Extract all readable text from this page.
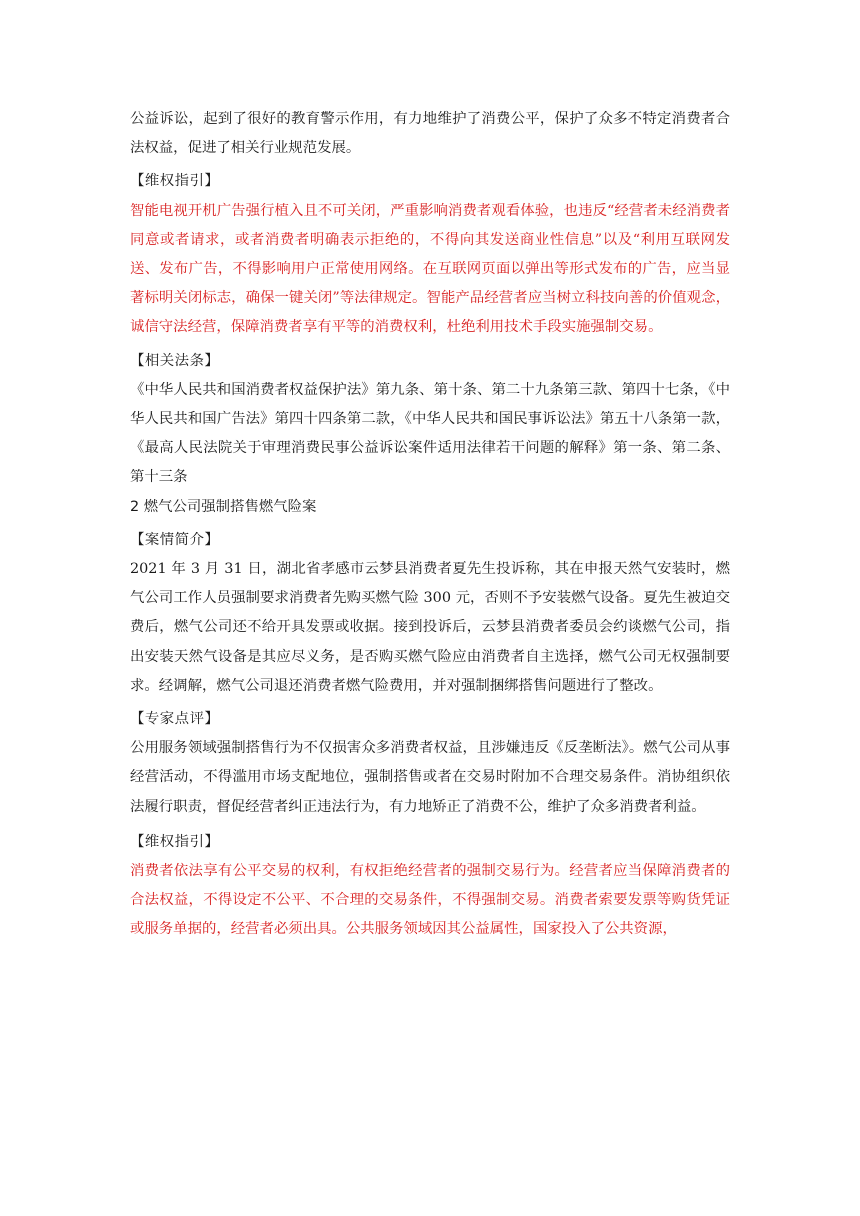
公益诉讼，起到了很好的教育警示作用，有力地维护了消费公平，保护了众多不特定消费者合法权益，促进了相关行业规范发展。

【维权指引】

智能电视开机广告强行植入且不可关闭，严重影响消费者观看体验，也违反“经营者未经消费者同意或者请求，或者消费者明确表示拒绝的，不得向其发送商业性信息”以及“利用互联网发送、发布广告，不得影响用户正常使用网络。在互联网页面以弹出等形式发布的广告，应当显著标明关闭标志，确保一键关闭”等法律规定。智能产品经营者应当树立科技向善的价值观念，诚信守法经营，保障消费者享有平等的消费权利，杜绝利用技术手段实施强制交易。

【相关法条】

《中华人民共和国消费者权益保护法》第九条、第十条、第二十九条第三款、第四十七条，《中华人民共和国广告法》第四十四条第二款，《中华人民共和国民事诉讼法》第五十八条第一款，《最高人民法院关于审理消费民事公益诉讼案件适用法律若干问题的解释》第一条、第二条、第十三条

2 燃气公司强制搭售燃气险案

【案情简介】

2021 年 3 月 31 日，湖北省孝感市云梦县消费者夏先生投诉称，其在申报天然气安装时，燃气公司工作人员强制要求消费者先购买燃气险 300 元，否则不予安装燃气设备。夏先生被迫交费后，燃气公司还不给开具发票或收据。接到投诉后，云梦县消费者委员会约谈燃气公司，指出安装天然气设备是其应尽义务，是否购买燃气险应由消费者自主选择，燃气公司无权强制要求。经调解，燃气公司退还消费者燃气险费用，并对强制捆绑搭售问题进行了整改。

【专家点评】

公用服务领域强制搭售行为不仅损害众多消费者权益，且涉嫌违反《反垄断法》。燃气公司从事经营活动，不得滥用市场支配地位，强制搭售或者在交易时附加不合理交易条件。消协组织依法履行职责，督促经营者纠正违法行为，有力地矫正了消费不公，维护了众多消费者利益。

【维权指引】

消费者依法享有公平交易的权利，有权拒绝经营者的强制交易行为。经营者应当保障消费者的合法权益，不得设定不公平、不合理的交易条件，不得强制交易。消费者索要发票等购货凭证或服务单据的，经营者必须出具。公共服务领域因其公益属性，国家投入了公共资源，
